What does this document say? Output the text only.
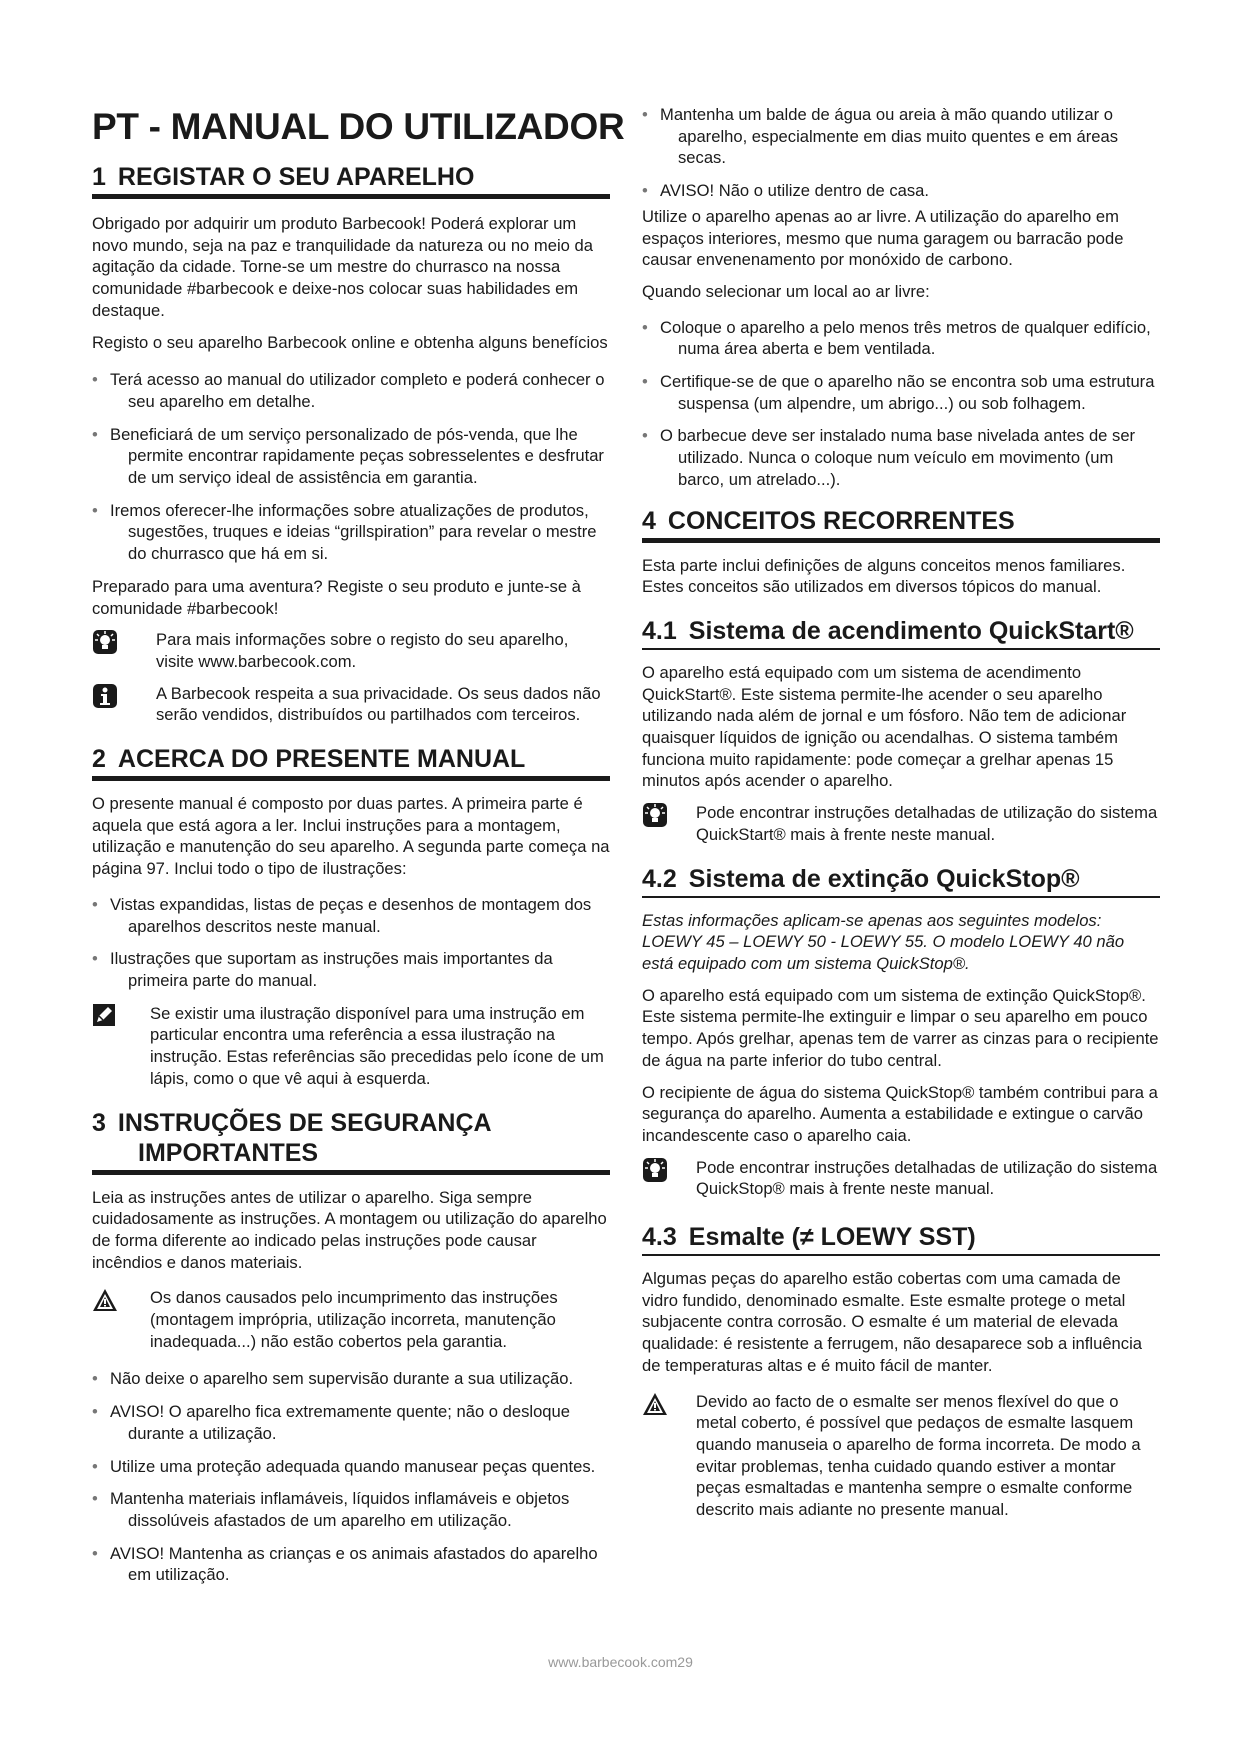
PT - MANUAL DO UTILIZADOR
1 REGISTAR O SEU APARELHO

Obrigado por adquirir um produto Barbecook! Poderá explorar um novo mundo, seja na paz e tranquilidade da natureza ou no meio da agitação da cidade. Torne-se um mestre do churrasco na nossa comunidade #barbecook e deixe-nos colocar suas habilidades em destaque.

Registo o seu aparelho Barbecook online e obtenha alguns benefícios

• Terá acesso ao manual do utilizador completo e poderá conhecer o seu aparelho em detalhe.
• Beneficiará de um serviço personalizado de pós-venda, que lhe permite encontrar rapidamente peças sobresselentes e desfrutar de um serviço ideal de assistência em garantia.
• Iremos oferecer-lhe informações sobre atualizações de produtos, sugestões, truques e ideias “grillspiration” para revelar o mestre do churrasco que há em si.

Preparado para uma aventura? Registe o seu produto e junte-se à comunidade #barbecook!

Para mais informações sobre o registo do seu aparelho, visite www.barbecook.com.

A Barbecook respeita a sua privacidade. Os seus dados não serão vendidos, distribuídos ou partilhados com terceiros.

2 ACERCA DO PRESENTE MANUAL

O presente manual é composto por duas partes. A primeira parte é aquela que está agora a ler. Inclui instruções para a montagem, utilização e manutenção do seu aparelho. A segunda parte começa na página 97. Inclui todo o tipo de ilustrações:

• Vistas expandidas, listas de peças e desenhos de montagem dos aparelhos descritos neste manual.
• Ilustrações que suportam as instruções mais importantes da primeira parte do manual.

Se existir uma ilustração disponível para uma instrução em particular encontra uma referência a essa ilustração na instrução. Estas referências são precedidas pelo ícone de um lápis, como o que vê aqui à esquerda.

3 INSTRUÇÕES DE SEGURANÇA
IMPORTANTES

Leia as instruções antes de utilizar o aparelho. Siga sempre cuidadosamente as instruções. A montagem ou utilização do aparelho de forma diferente ao indicado pelas instruções pode causar incêndios e danos materiais.

Os danos causados pelo incumprimento das instruções (montagem imprópria, utilização incorreta, manutenção inadequada...) não estão cobertos pela garantia.

• Não deixe o aparelho sem supervisão durante a sua utilização.
• AVISO! O aparelho fica extremamente quente; não o desloque durante a utilização.
• Utilize uma proteção adequada quando manusear peças quentes.
• Mantenha materiais inflamáveis, líquidos inflamáveis e objetos dissolúveis afastados de um aparelho em utilização.
• AVISO! Mantenha as crianças e os animais afastados do aparelho em utilização.
• Mantenha um balde de água ou areia à mão quando utilizar o aparelho, especialmente em dias muito quentes e em áreas secas.
• AVISO! Não o utilize dentro de casa.

Utilize o aparelho apenas ao ar livre. A utilização do aparelho em espaços interiores, mesmo que numa garagem ou barracão pode causar envenenamento por monóxido de carbono.

Quando selecionar um local ao ar livre:

• Coloque o aparelho a pelo menos três metros de qualquer edifício, numa área aberta e bem ventilada.
• Certifique-se de que o aparelho não se encontra sob uma estrutura suspensa (um alpendre, um abrigo...) ou sob folhagem.
• O barbecue deve ser instalado numa base nivelada antes de ser utilizado. Nunca o coloque num veículo em movimento (um barco, um atrelado...).
4 CONCEITOS RECORRENTES

Esta parte inclui definições de alguns conceitos menos familiares. Estes conceitos são utilizados em diversos tópicos do manual.

4.1 Sistema de acendimento QuickStart®

O aparelho está equipado com um sistema de acendimento QuickStart®. Este sistema permite-lhe acender o seu aparelho utilizando nada além de jornal e um fósforo. Não tem de adicionar quaisquer líquidos de ignição ou acendalhas. O sistema também funciona muito rapidamente: pode começar a grelhar apenas 15 minutos após acender o aparelho.

Pode encontrar instruções detalhadas de utilização do sistema QuickStart® mais à frente neste manual.

4.2 Sistema de extinção QuickStop®

Estas informações aplicam-se apenas aos seguintes modelos: LOEWY 45 – LOEWY 50 - LOEWY 55. O modelo LOEWY 40 não está equipado com um sistema QuickStop®.

O aparelho está equipado com um sistema de extinção QuickStop®. Este sistema permite-lhe extinguir e limpar o seu aparelho em pouco tempo. Após grelhar, apenas tem de varrer as cinzas para o recipiente de água na parte inferior do tubo central.

O recipiente de água do sistema QuickStop® também contribui para a segurança do aparelho. Aumenta a estabilidade e extingue o carvão incandescente caso o aparelho caia.

Pode encontrar instruções detalhadas de utilização do sistema QuickStop® mais à frente neste manual.

4.3 Esmalte (≠ LOEWY SST)

Algumas peças do aparelho estão cobertas com uma camada de vidro fundido, denominado esmalte. Este esmalte protege o metal subjacente contra corrosão. O esmalte é um material de elevada qualidade: é resistente a ferrugem, não desaparece sob a influência de temperaturas altas e é muito fácil de manter.

Devido ao facto de o esmalte ser menos flexível do que o metal coberto, é possível que pedaços de esmalte lasquem quando manuseia o aparelho de forma incorreta. De modo a evitar problemas, tenha cuidado quando estiver a montar peças esmaltadas e mantenha sempre o esmalte conforme descrito mais adiante no presente manual.

www.barbecook.com29
